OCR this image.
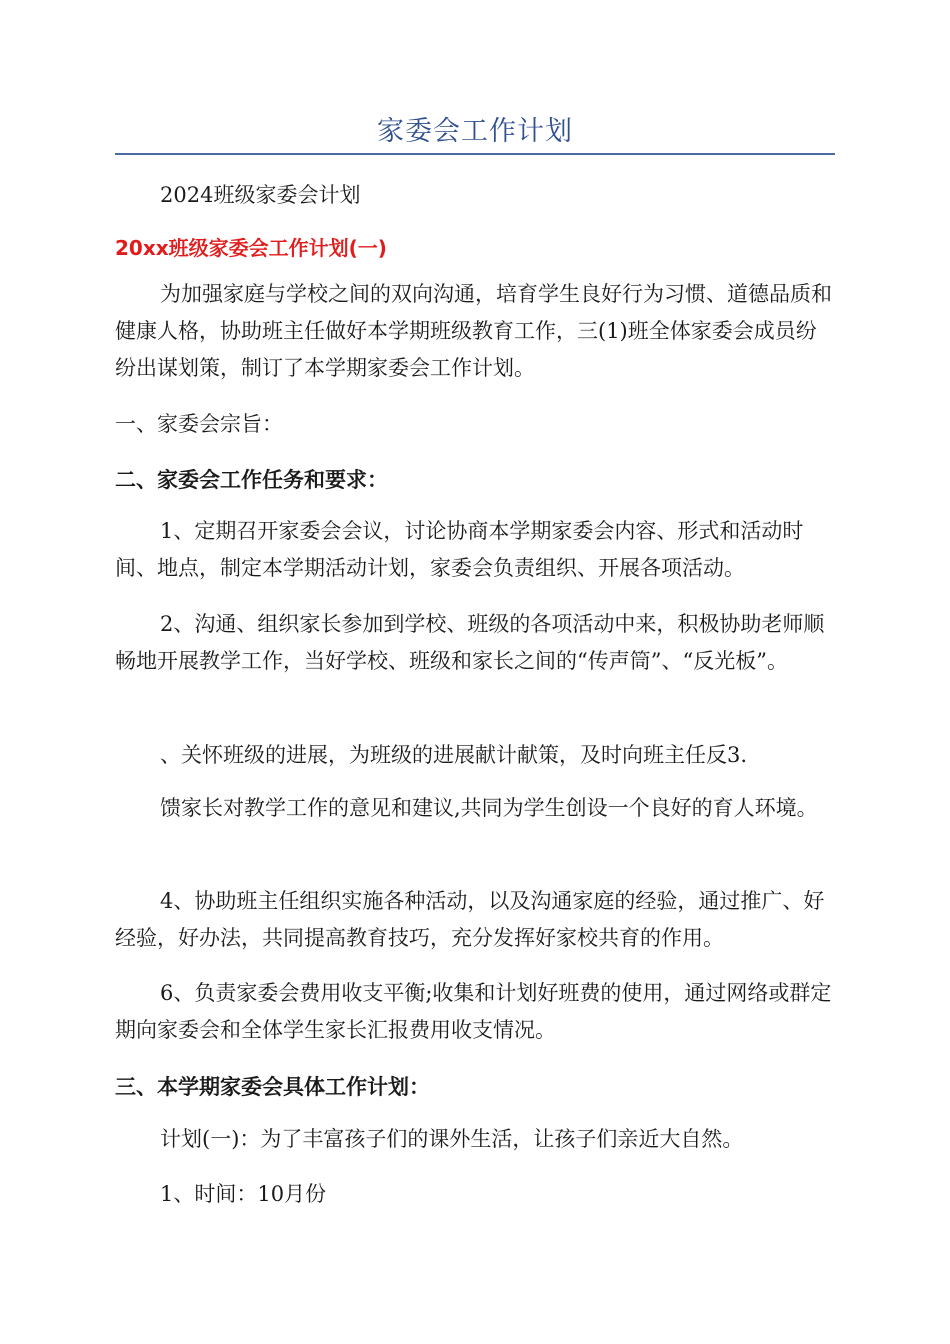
家委会工作计划

2024班级家委会计划

20xx班级家委会工作计划(一)

为加强家庭与学校之间的双向沟通，培育学生良好行为习惯、道德品质和健康人格，协助班主任做好本学期班级教育工作，三(1)班全体家委会成员纷纷出谋划策，制订了本学期家委会工作计划。

一、家委会宗旨：

二、家委会工作任务和要求：

1、定期召开家委会会议，讨论协商本学期家委会内容、形式和活动时间、地点，制定本学期活动计划，家委会负责组织、开展各项活动。

2、沟通、组织家长参加到学校、班级的各项活动中来，积极协助老师顺畅地开展教学工作，当好学校、班级和家长之间的“传声筒”、“反光板”。

、关怀班级的进展，为班级的进展献计献策，及时向班主任反3.

馈家长对教学工作的意见和建议,共同为学生创设一个良好的育人环境。

4、协助班主任组织实施各种活动，以及沟通家庭的经验，通过推广、好经验，好办法，共同提高教育技巧，充分发挥好家校共育的作用。

6、负责家委会费用收支平衡;收集和计划好班费的使用，通过网络或群定期向家委会和全体学生家长汇报费用收支情况。

三、本学期家委会具体工作计划：

计划(一)：为了丰富孩子们的课外生活，让孩子们亲近大自然。

1、时间：10月份
